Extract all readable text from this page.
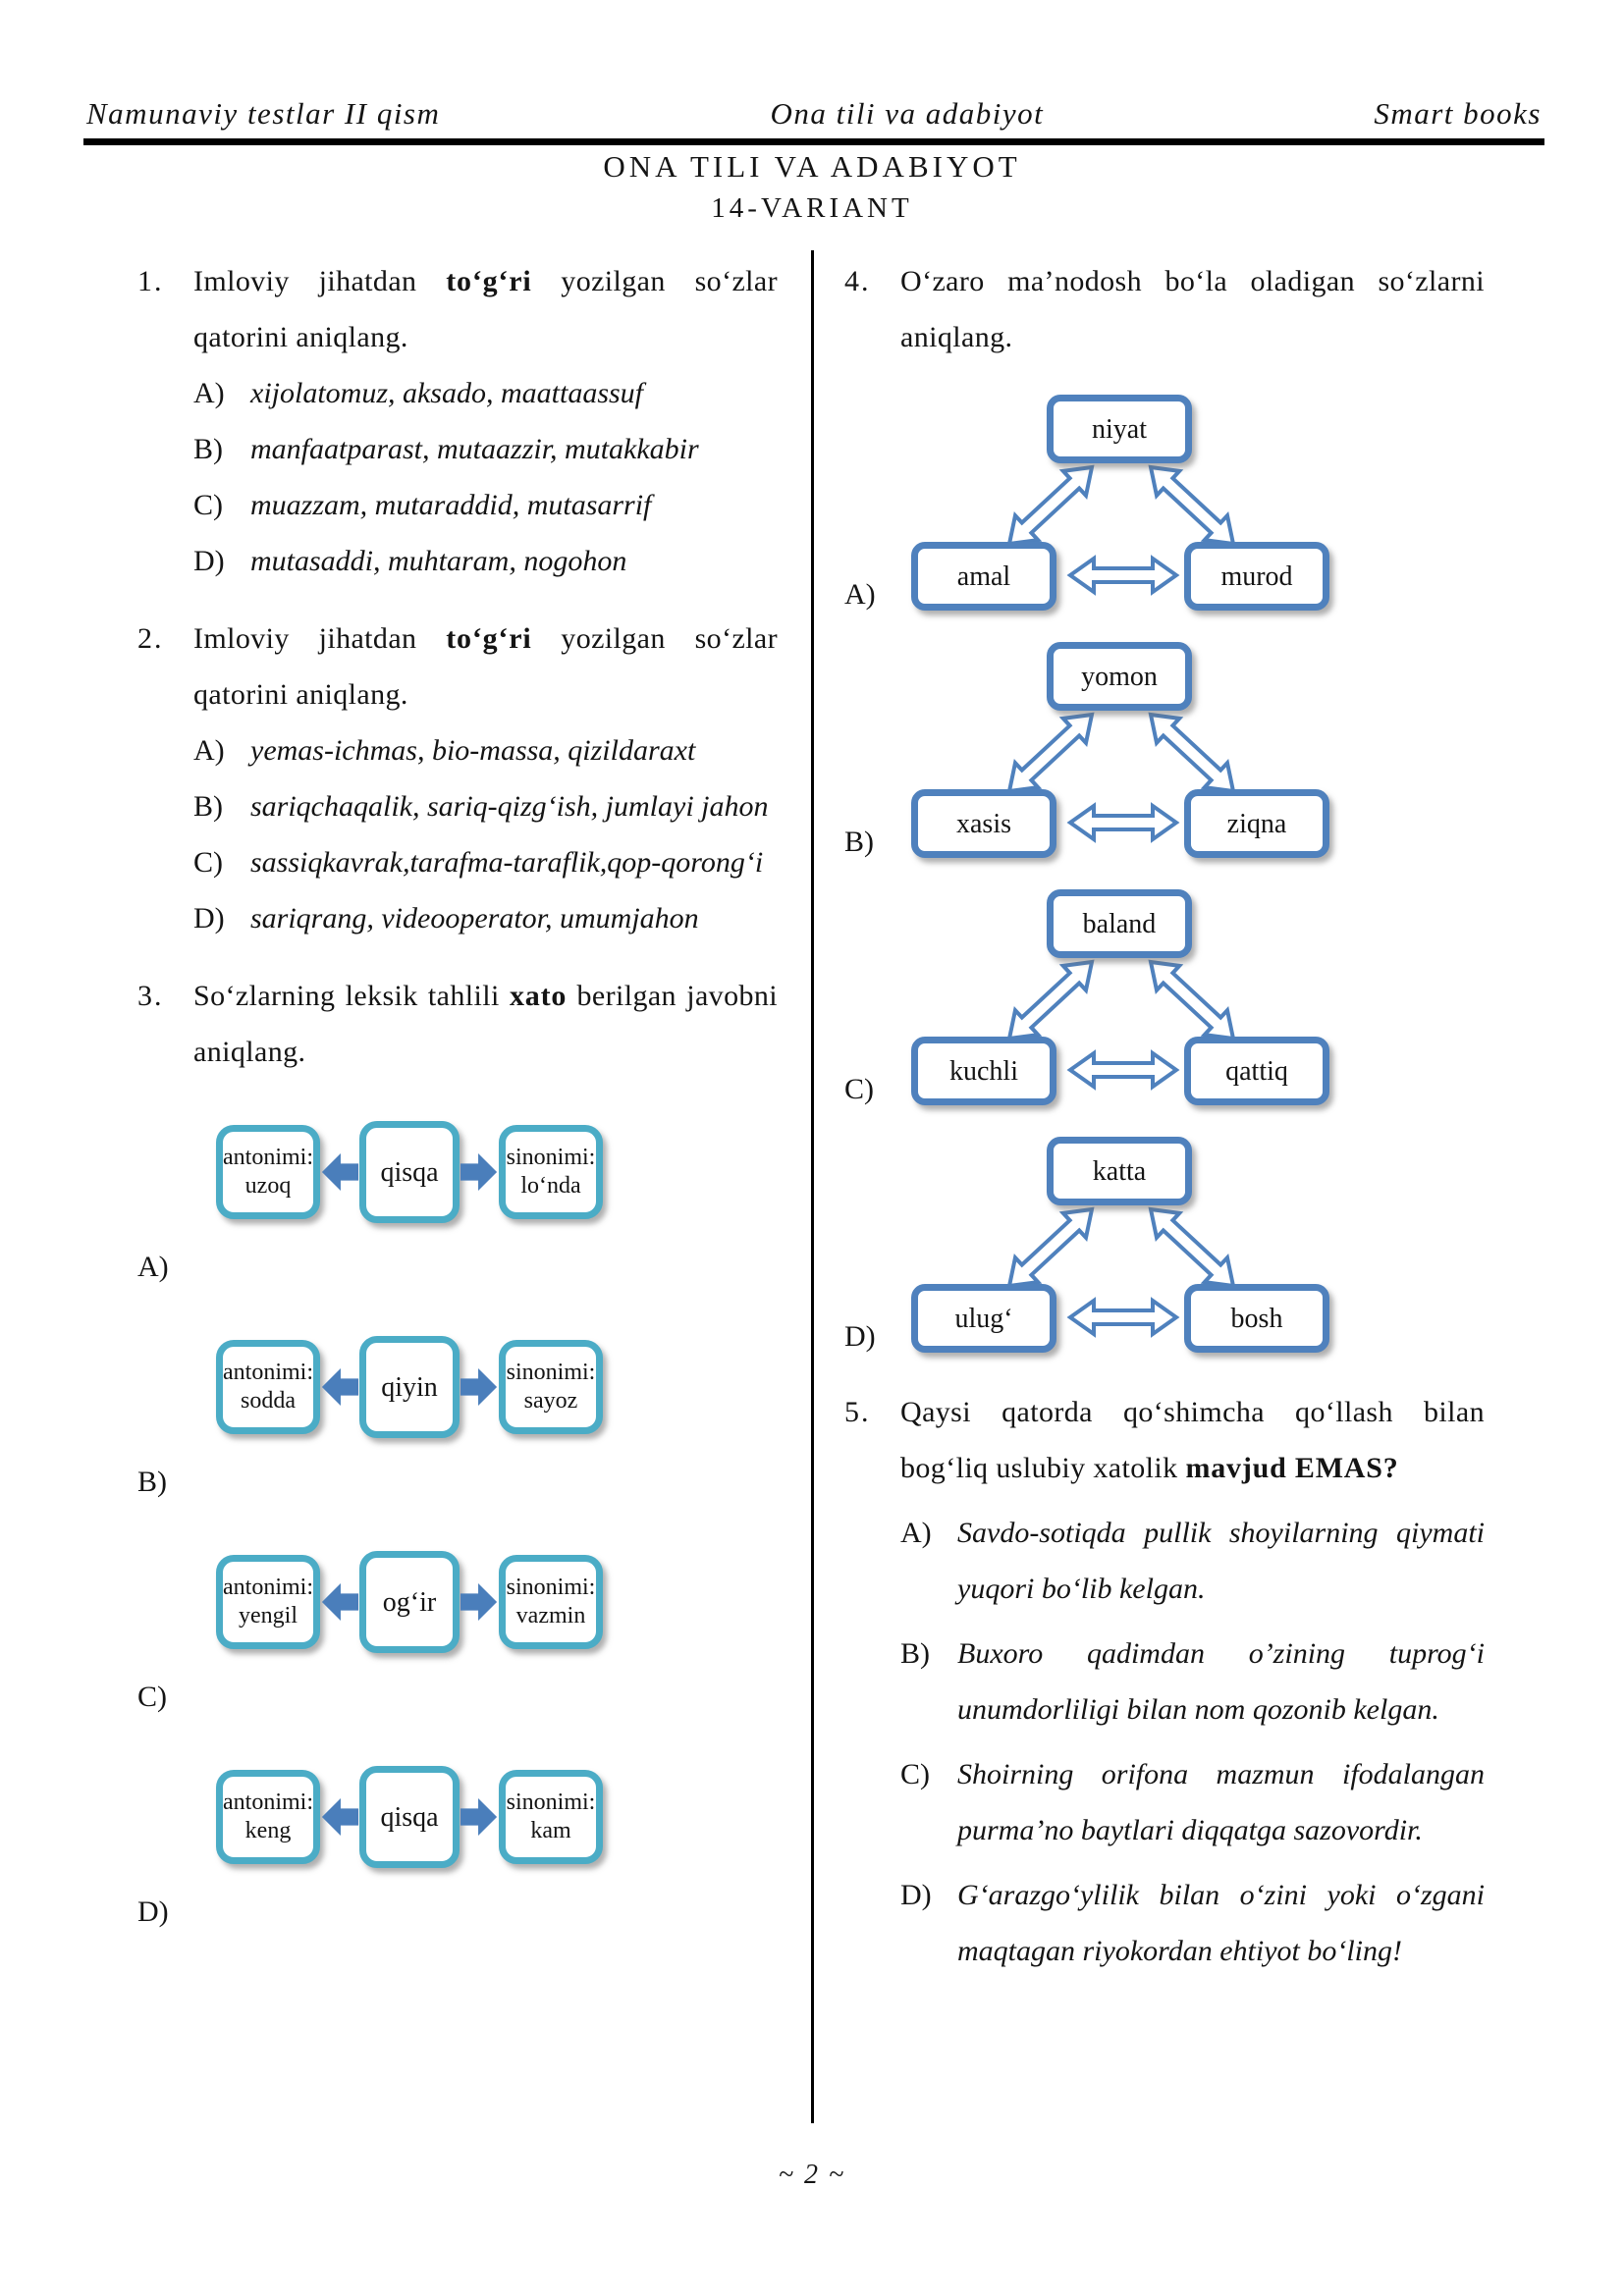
Namunaviy testlar II qism	Ona tili va adabiyot	Smart books
ONA TILI VA ADABIYOT
14-VARIANT
1. Imloviy jihatdan to‘g‘ri yozilgan so‘zlar qatorini aniqlang.
A) xijolatomuz, aksado, maattaassuf
B) manfaatparast, mutaazzir, mutakkabir
C) muazzam, mutaraddid, mutasarrif
D) mutasaddi, muhtaram, nogohon
2. Imloviy jihatdan to‘g‘ri yozilgan so‘zlar qatorini aniqlang.
A) yemas-ichmas, bio-massa, qizildaraxt
B) sariqchaqalik, sariq-qizg‘ish, jumlayi jahon
C) sassiqkavrak,tarafma-taraflik,qop-qorong‘i
D) sariqrang, videooperator, umumjahon
3. So‘zlarning leksik tahlili xato berilgan javobni aniqlang.
antonimi:
uzoq	qisqa	sinonimi:
lo‘nda
A)
antonimi:
sodda	qiyin	sinonimi:
sayoz
B)
antonimi:
yengil	og‘ir	sinonimi:
vazmin
C)
antonimi:
keng	qisqa	sinonimi:
kam
D)
4. O‘zaro ma’nodosh bo‘la oladigan so‘zlarni aniqlang.
niyat
amal	murod
A)
yomon
xasis	ziqna
B)
baland
kuchli	qattiq
C)
katta
ulug‘	bosh
D)
5. Qaysi qatorda qo‘shimcha qo‘llash bilan bog‘liq uslubiy xatolik mavjud EMAS?
A) Savdo-sotiqda pullik shoyilarning qiymati yuqori bo‘lib kelgan.
B) Buxoro qadimdan o’zining tuprog‘i unumdorliligi bilan nom qozonib kelgan.
C) Shoirning orifona mazmun ifodalangan purma’no baytlari diqqatga sazovordir.
D) G‘arazgo‘ylilik bilan o‘zini yoki o‘zgani maqtagan riyokordan ehtiyot bo‘ling!
~ 2 ~
